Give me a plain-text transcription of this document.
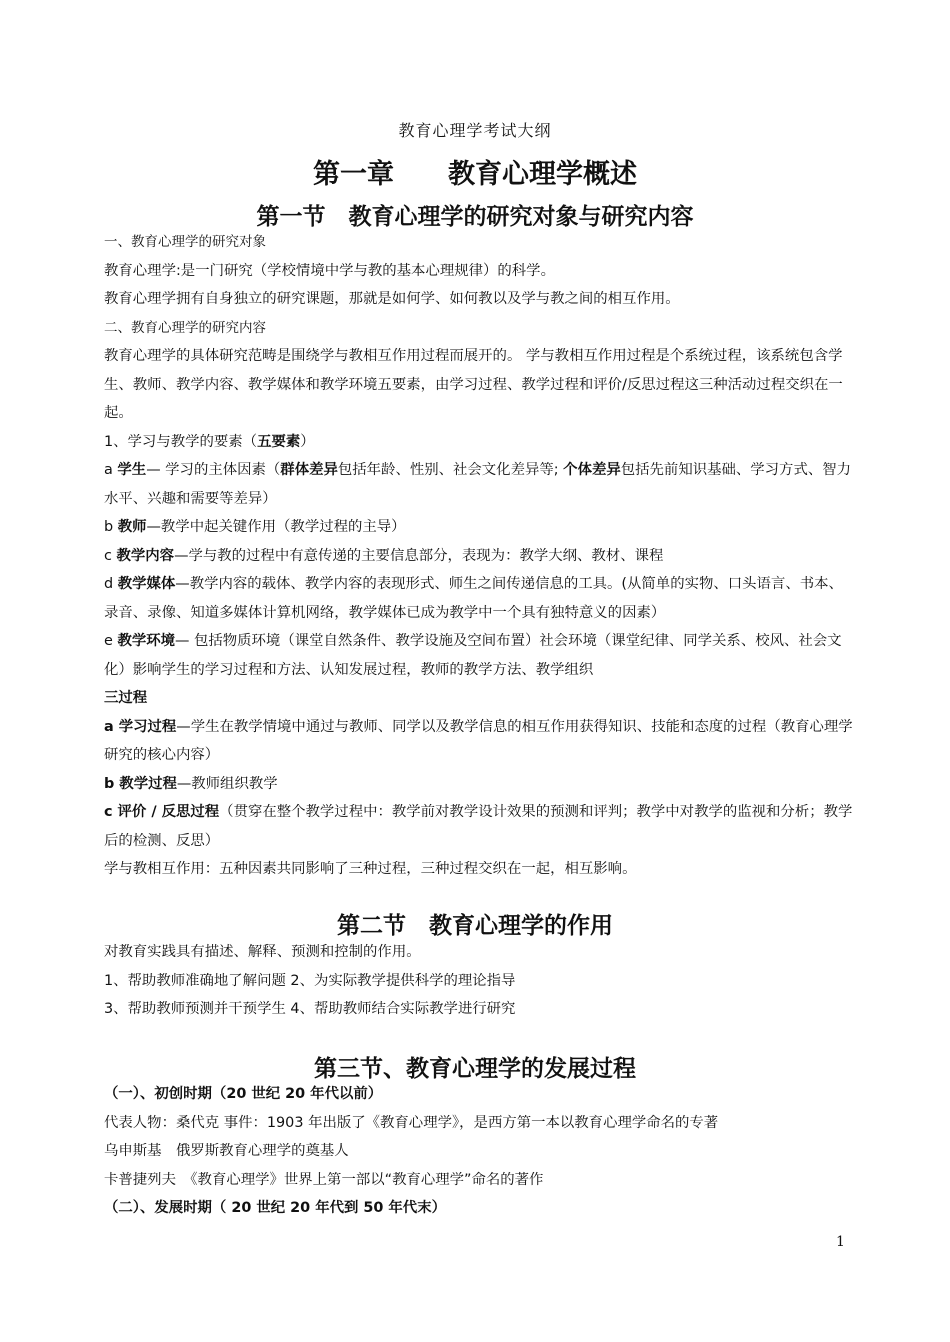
教育心理学考试大纲
第一章　　教育心理学概述
第一节　教育心理学的研究对象与研究内容

一、教育心理学的研究对象

教育心理学:是一门研究（学校情境中学与教的基本心理规律）的科学。

教育心理学拥有自身独立的研究课题，那就是如何学、如何教以及学与教之间的相互作用。

二、教育心理学的研究内容

教育心理学的具体研究范畴是围绕学与教相互作用过程而展开的。 学与教相互作用过程是个系统过程，该系统包含学生、教师、教学内容、教学媒体和教学环境五要素，由学习过程、教学过程和评价/反思过程这三种活动过程交织在一起。

1、学习与教学的要素（五要素）

a 学生— 学习的主体因素（群体差异包括年龄、性别、社会文化差异等; 个体差异包括先前知识基础、学习方式、智力水平、兴趣和需要等差异）

b 教师—教学中起关键作用（教学过程的主导）

c 教学内容—学与教的过程中有意传递的主要信息部分，表现为：教学大纲、教材、课程

d 教学媒体—教学内容的载体、教学内容的表现形式、师生之间传递信息的工具。(从简单的实物、口头语言、书本、录音、录像、知道多媒体计算机网络，教学媒体已成为教学中一个具有独特意义的因素）

e 教学环境— 包括物质环境（课堂自然条件、教学设施及空间布置）社会环境（课堂纪律、同学关系、校风、社会文化）影响学生的学习过程和方法、认知发展过程，教师的教学方法、教学组织

三过程

a 学习过程—学生在教学情境中通过与教师、同学以及教学信息的相互作用获得知识、技能和态度的过程（教育心理学研究的核心内容）

b 教学过程—教师组织教学

c 评价 / 反思过程（贯穿在整个教学过程中：教学前对教学设计效果的预测和评判；教学中对教学的监视和分析；教学后的检测、反思）

学与教相互作用：五种因素共同影响了三种过程，三种过程交织在一起，相互影响。

第二节　教育心理学的作用

对教育实践具有描述、解释、预测和控制的作用。

1、帮助教师准确地了解问题 2、为实际教学提供科学的理论指导

3、帮助教师预测并干预学生 4、帮助教师结合实际教学进行研究

第三节、教育心理学的发展过程

（一）、初创时期（20 世纪 20 年代以前）

代表人物：桑代克 事件：1903 年出版了《教育心理学》，是西方第一本以教育心理学命名的专著

乌申斯基　俄罗斯教育心理学的奠基人

卡普捷列夫　《教育心理学》世界上第一部以“教育心理学”命名的著作

（二）、发展时期（ 20 世纪 20 年代到 50 年代末）

1
